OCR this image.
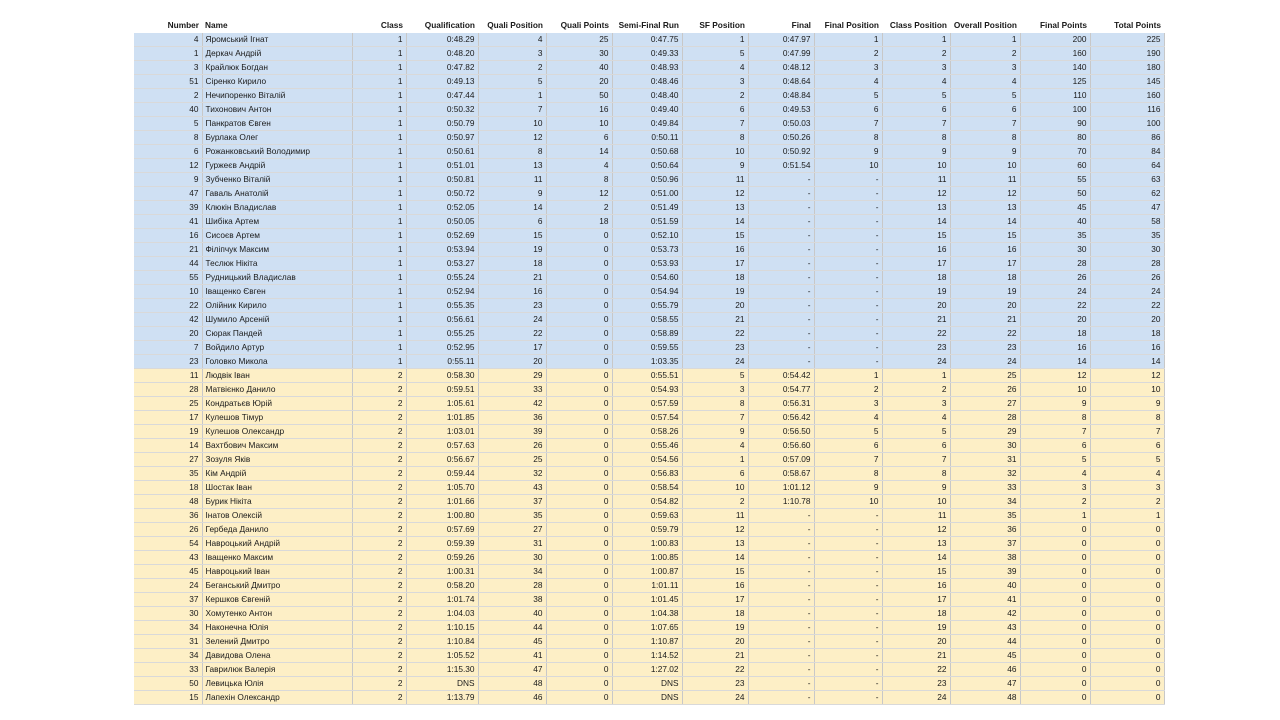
Number	Name	Class	Qualification	Quali Position	Quali Points	Semi-Final Run	SF Position	Final	Final Position	Class Position	Overall Position	Final Points	Total Points
4	Яромський Ігнат	1	0:48.29	4	25	0:47.75	1	0:47.97	1	1	1	200	225
1	Деркач Андрій	1	0:48.20	3	30	0:49.33	5	0:47.99	2	2	2	160	190
3	Крайлюк Богдан	1	0:47.82	2	40	0:48.93	4	0:48.12	3	3	3	140	180
51	Сіренко Кирило	1	0:49.13	5	20	0:48.46	3	0:48.64	4	4	4	125	145
2	Нечипоренко Віталій	1	0:47.44	1	50	0:48.40	2	0:48.84	5	5	5	110	160
40	Тихонович Антон	1	0:50.32	7	16	0:49.40	6	0:49.53	6	6	6	100	116
5	Панкратов Євген	1	0:50.79	10	10	0:49.84	7	0:50.03	7	7	7	90	100
8	Бурлака Олег	1	0:50.97	12	6	0:50.11	8	0:50.26	8	8	8	80	86
6	Рожанковський Володимир	1	0:50.61	8	14	0:50.68	10	0:50.92	9	9	9	70	84
12	Гуржеєв Андрій	1	0:51.01	13	4	0:50.64	9	0:51.54	10	10	10	60	64
9	Зубченко Віталій	1	0:50.81	11	8	0:50.96	11	-	-	11	11	55	63
47	Гаваль Анатолій	1	0:50.72	9	12	0:51.00	12	-	-	12	12	50	62
39	Клюкін Владислав	1	0:52.05	14	2	0:51.49	13	-	-	13	13	45	47
41	Шибіка Артем	1	0:50.05	6	18	0:51.59	14	-	-	14	14	40	58
16	Сисоєв Артем	1	0:52.69	15	0	0:52.10	15	-	-	15	15	35	35
21	Філіпчук Максим	1	0:53.94	19	0	0:53.73	16	-	-	16	16	30	30
44	Теслюк Нікіта	1	0:53.27	18	0	0:53.93	17	-	-	17	17	28	28
55	Рудницький Владислав	1	0:55.24	21	0	0:54.60	18	-	-	18	18	26	26
10	Іващенко Євген	1	0:52.94	16	0	0:54.94	19	-	-	19	19	24	24
22	Олійник Кирило	1	0:55.35	23	0	0:55.79	20	-	-	20	20	22	22
42	Шумило Арсеній	1	0:56.61	24	0	0:58.55	21	-	-	21	21	20	20
20	Сюрак Пандей	1	0:55.25	22	0	0:58.89	22	-	-	22	22	18	18
7	Войдило Артур	1	0:52.95	17	0	0:59.55	23	-	-	23	23	16	16
23	Головко Микола	1	0:55.11	20	0	1:03.35	24	-	-	24	24	14	14
11	Людвік Іван	2	0:58.30	29	0	0:55.51	5	0:54.42	1	1	25	12	12
28	Матвієнко Данило	2	0:59.51	33	0	0:54.93	3	0:54.77	2	2	26	10	10
25	Кондратьєв Юрій	2	1:05.61	42	0	0:57.59	8	0:56.31	3	3	27	9	9
17	Кулешов Тімур	2	1:01.85	36	0	0:57.54	7	0:56.42	4	4	28	8	8
19	Кулешов Олександр	2	1:03.01	39	0	0:58.26	9	0:56.50	5	5	29	7	7
14	Вахтбович Максим	2	0:57.63	26	0	0:55.46	4	0:56.60	6	6	30	6	6
27	Зозуля Яків	2	0:56.67	25	0	0:54.56	1	0:57.09	7	7	31	5	5
35	Кім Андрій	2	0:59.44	32	0	0:56.83	6	0:58.67	8	8	32	4	4
18	Шостак Іван	2	1:05.70	43	0	0:58.54	10	1:01.12	9	9	33	3	3
48	Бурик Нікіта	2	1:01.66	37	0	0:54.82	2	1:10.78	10	10	34	2	2
36	Інатов Олексій	2	1:00.80	35	0	0:59.63	11	-	-	11	35	1	1
26	Гербеда Данило	2	0:57.69	27	0	0:59.79	12	-	-	12	36	0	0
54	Навроцький Андрій	2	0:59.39	31	0	1:00.83	13	-	-	13	37	0	0
43	Іващенко Максим	2	0:59.26	30	0	1:00.85	14	-	-	14	38	0	0
45	Навроцький Іван	2	1:00.31	34	0	1:00.87	15	-	-	15	39	0	0
24	Беганський Дмитро	2	0:58.20	28	0	1:01.11	16	-	-	16	40	0	0
37	Кершков Євгеній	2	1:01.74	38	0	1:01.45	17	-	-	17	41	0	0
30	Хомутенко Антон	2	1:04.03	40	0	1:04.38	18	-	-	18	42	0	0
34	Наконечна Юлія	2	1:10.15	44	0	1:07.65	19	-	-	19	43	0	0
31	Зелений Дмитро	2	1:10.84	45	0	1:10.87	20	-	-	20	44	0	0
34	Давидова Олена	2	1:05.52	41	0	1:14.52	21	-	-	21	45	0	0
33	Гаврилюк Валерія	2	1:15.30	47	0	1:27.02	22	-	-	22	46	0	0
50	Левицька Юлія	2	DNS	48	0	DNS	23	-	-	23	47	0	0
15	Лапехін Олександр	2	1:13.79	46	0	DNS	24	-	-	24	48	0	0
